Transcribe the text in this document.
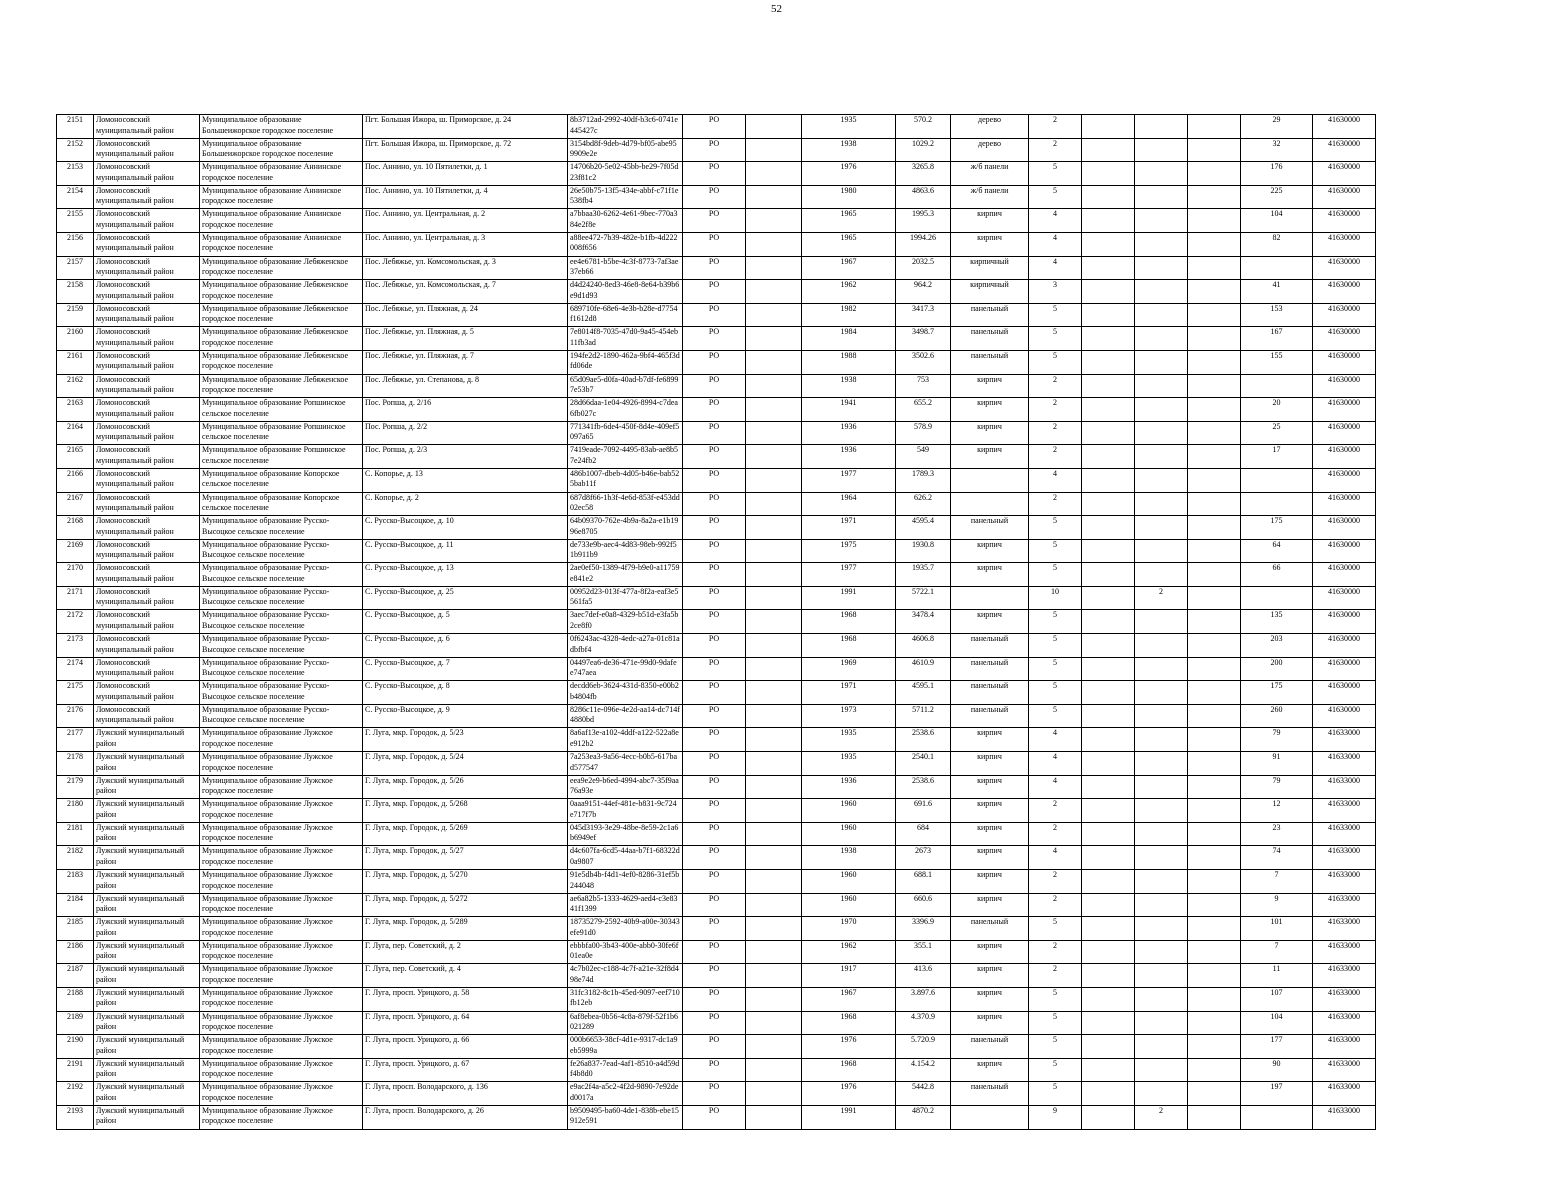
52
2151	Ломоносовский муниципальный район	Муниципальное образование Большеижорское городское поселение	Пгт. Большая Ижора, ш. Приморское, д. 24	8b3712ad-2992-40df-b3c6-0741e445427c	РО		1935	570.2	дерево	2				29	41630000
2152	Ломоносовский муниципальный район	Муниципальное образование Большеижорское городское поселение	Пгт. Большая Ижора, ш. Приморское, д. 72	3154bd8f-9deb-4d79-bf05-abe959909e2e	РО		1938	1029.2	дерево	2				32	41630000
2153	Ломоносовский муниципальный район	Муниципальное образование Аннинское городское поселение	Пос. Аннино, ул. 10 Пятилетки, д. 1	14706b20-5e02-45bb-be29-7f05d23f81c2	РО		1976	3265.8	ж/б панели	5				176	41630000
2154	Ломоносовский муниципальный район	Муниципальное образование Аннинское городское поселение	Пос. Аннино, ул. 10 Пятилетки, д. 4	26e50b75-13f5-434e-abbf-c71f1e538fb4	РО		1980	4863.6	ж/б панели	5				225	41630000
2155	Ломоносовский муниципальный район	Муниципальное образование Аннинское городское поселение	Пос. Аннино, ул. Центральная, д. 2	a7bbaa30-6262-4e61-9bec-770a384e2f8e	РО		1965	1995.3	кирпич	4				104	41630000
2156	Ломоносовский муниципальный район	Муниципальное образование Аннинское городское поселение	Пос. Аннино, ул. Центральная, д. 3	a88ee472-7b39-482e-b1fb-4d222008f656	РО		1965	1994.26	кирпич	4				82	41630000
2157	Ломоносовский муниципальный район	Муниципальное образование Лебяженское городское поселение	Пос. Лебяжье, ул. Комсомольская, д. 3	ee4e6781-b5be-4c3f-8773-7af3ae37eb66	РО		1967	2032.5	кирпичный	4					41630000
2158	Ломоносовский муниципальный район	Муниципальное образование Лебяженское городское поселение	Пос. Лебяжье, ул. Комсомольская, д. 7	d4d24240-8ed3-46e8-8e64-b39b6e9d1d93	РО		1962	964.2	кирпичный	3				41	41630000
2159	Ломоносовский муниципальный район	Муниципальное образование Лебяженское городское поселение	Пос. Лебяжье, ул. Пляжная, д. 24	689710fe-68e6-4e3b-b28e-d7754f1612d8	РО		1982	3417.3	панельный	5				153	41630000
2160	Ломоносовский муниципальный район	Муниципальное образование Лебяженское городское поселение	Пос. Лебяжье, ул. Пляжная, д. 5	7e8014f8-7035-47d0-9a45-454eb11fb3ad	РО		1984	3498.7	панельный	5				167	41630000
2161	Ломоносовский муниципальный район	Муниципальное образование Лебяженское городское поселение	Пос. Лебяжье, ул. Пляжная, д. 7	194fe2d2-1890-462a-9bf4-465f3dfd06de	РО		1988	3502.6	панельный	5				155	41630000
2162	Ломоносовский муниципальный район	Муниципальное образование Лебяженское городское поселение	Пос. Лебяжье, ул. Степанова, д. 8	65d09ae5-d0fa-40ad-b7df-fe68997e53b7	РО		1938	753	кирпич	2					41630000
2163	Ломоносовский муниципальный район	Муниципальное образование Ропшинское сельское поселение	Пос. Ропша, д. 2/16	28d66daa-1e04-4926-8994-c7dea6fb027c	РО		1941	655.2	кирпич	2				20	41630000
2164	Ломоносовский муниципальный район	Муниципальное образование Ропшинское сельское поселение	Пос. Ропша, д. 2/2	771341fb-6de4-450f-8d4e-409ef5097a65	РО		1936	578.9	кирпич	2				25	41630000
2165	Ломоносовский муниципальный район	Муниципальное образование Ропшинское сельское поселение	Пос. Ропша, д. 2/3	7419eade-7092-4495-83ab-ae8b57e24fb2	РО		1936	549	кирпич	2				17	41630000
2166	Ломоносовский муниципальный район	Муниципальное образование Копорское сельское поселение	С. Копорье, д. 13	486b1007-dbeb-4d05-b46e-bab525bab11f	РО		1977	1789.3		4					41630000
2167	Ломоносовский муниципальный район	Муниципальное образование Копорское сельское поселение	С. Копорье, д. 2	687d8f66-1b3f-4e6d-853f-e453dd02ec58	РО		1964	626.2		2					41630000
2168	Ломоносовский муниципальный район	Муниципальное образование Русско-Высоцкое сельское поселение	С. Русско-Высоцкое, д. 10	64b09370-762e-4b9a-8a2a-e1b1996e8705	РО		1971	4595.4	панельный	5				175	41630000
2169	Ломоносовский муниципальный район	Муниципальное образование Русско-Высоцкое сельское поселение	С. Русско-Высоцкое, д. 11	de733e9b-aec4-4d83-98eb-992f51b911b9	РО		1975	1930.8	кирпич	5				64	41630000
2170	Ломоносовский муниципальный район	Муниципальное образование Русско-Высоцкое сельское поселение	С. Русско-Высоцкое, д. 13	2ae0ef50-1389-4f79-b9e0-a11759e841e2	РО		1977	1935.7	кирпич	5				66	41630000
2171	Ломоносовский муниципальный район	Муниципальное образование Русско-Высоцкое сельское поселение	С. Русско-Высоцкое, д. 25	00952d23-013f-477a-8f2a-eaf3e5561fa5	РО		1991	5722.1		10		2			41630000
2172	Ломоносовский муниципальный район	Муниципальное образование Русско-Высоцкое сельское поселение	С. Русско-Высоцкое, д. 5	3aec7def-e0a8-4329-b51d-e3fa5b2ce8f0	РО		1968	3478.4	кирпич	5				135	41630000
2173	Ломоносовский муниципальный район	Муниципальное образование Русско-Высоцкое сельское поселение	С. Русско-Высоцкое, д. 6	0f6243ac-4328-4edc-a27a-01c81adbfbf4	РО		1968	4606.8	панельный	5				203	41630000
2174	Ломоносовский муниципальный район	Муниципальное образование Русско-Высоцкое сельское поселение	С. Русско-Высоцкое, д. 7	04497ea6-de36-471e-99d0-9dafee747aea	РО		1969	4610.9	панельный	5				200	41630000
2175	Ломоносовский муниципальный район	Муниципальное образование Русско-Высоцкое сельское поселение	С. Русско-Высоцкое, д. 8	decdd6eb-3624-431d-8350-e00b2b4804fb	РО		1971	4595.1	панельный	5				175	41630000
2176	Ломоносовский муниципальный район	Муниципальное образование Русско-Высоцкое сельское поселение	С. Русско-Высоцкое, д. 9	8286c11e-096e-4e2d-aa14-dc714f4880bd	РО		1973	5711.2	панельный	5				260	41630000
2177	Лужский муниципальный район	Муниципальное образование Лужское городское поселение	Г. Луга, мкр. Городок, д. 5/23	8a6af13e-a102-4ddf-a122-522a8ee912b2	РО		1935	2538.6	кирпич	4				79	41633000
2178	Лужский муниципальный район	Муниципальное образование Лужское городское поселение	Г. Луга, мкр. Городок, д. 5/24	7a253ea3-9a56-4ecc-b0b5-617bad577547	РО		1935	2540.1	кирпич	4				91	41633000
2179	Лужский муниципальный район	Муниципальное образование Лужское городское поселение	Г. Луга, мкр. Городок, д. 5/26	eea9e2e9-b6ed-4994-abc7-35f9aa76a93e	РО		1936	2538.6	кирпич	4				79	41633000
2180	Лужский муниципальный район	Муниципальное образование Лужское городское поселение	Г. Луга, мкр. Городок, д. 5/268	0aaa9151-44ef-481e-b831-9c724e717f7b	РО		1960	691.6	кирпич	2				12	41633000
2181	Лужский муниципальный район	Муниципальное образование Лужское городское поселение	Г. Луга, мкр. Городок, д. 5/269	045d3193-3e29-48be-8e59-2c1a6b6949ef	РО		1960	684	кирпич	2				23	41633000
2182	Лужский муниципальный район	Муниципальное образование Лужское городское поселение	Г. Луга, мкр. Городок, д. 5/27	d4c607fa-6cd5-44aa-b7f1-68322d0a9807	РО		1938	2673	кирпич	4				74	41633000
2183	Лужский муниципальный район	Муниципальное образование Лужское городское поселение	Г. Луга, мкр. Городок, д. 5/270	91e5db4b-f4d1-4ef0-8286-31ef5b244048	РО		1960	688.1	кирпич	2				7	41633000
2184	Лужский муниципальный район	Муниципальное образование Лужское городское поселение	Г. Луга, мкр. Городок, д. 5/272	ae6a82b5-1333-4629-aed4-c3e8341f1399	РО		1960	660.6	кирпич	2				9	41633000
2185	Лужский муниципальный район	Муниципальное образование Лужское городское поселение	Г. Луга, мкр. Городок, д. 5/289	18735279-2592-40b9-a00e-30343efe91d0	РО		1970	3396.9	панельный	5				101	41633000
2186	Лужский муниципальный район	Муниципальное образование Лужское городское поселение	Г. Луга, пер. Советский, д. 2	ebbbfa00-3b43-400e-abb0-30fe6f01ea0e	РО		1962	355.1	кирпич	2				7	41633000
2187	Лужский муниципальный район	Муниципальное образование Лужское городское поселение	Г. Луга, пер. Советский, д. 4	4c7b02ec-c188-4c7f-a21e-32f8d498e74d	РО		1917	413.6	кирпич	2				11	41633000
2188	Лужский муниципальный район	Муниципальное образование Лужское городское поселение	Г. Луга, просп. Урицкого, д. 58	31fc3182-8c1b-45ed-9097-eef710fb12eb	РО		1967	3.897.6	кирпич	5				107	41633000
2189	Лужский муниципальный район	Муниципальное образование Лужское городское поселение	Г. Луга, просп. Урицкого, д. 64	6af8ebea-0b56-4c8a-879f-52f1b6021289	РО		1968	4.370.9	кирпич	5				104	41633000
2190	Лужский муниципальный район	Муниципальное образование Лужское городское поселение	Г. Луга, просп. Урицкого, д. 66	000b6653-38cf-4d1e-9317-dc1a9eb5999a	РО		1976	5.720.9	панельный	5				177	41633000
2191	Лужский муниципальный район	Муниципальное образование Лужское городское поселение	Г. Луга, просп. Урицкого, д. 67	fe26a837-7ead-4af1-8510-a4d59df4b8d0	РО		1968	4.154.2	кирпич	5				90	41633000
2192	Лужский муниципальный район	Муниципальное образование Лужское городское поселение	Г. Луга, просп. Володарского, д. 136	e9ac2f4a-a5c2-4f2d-9890-7e92ded0017a	РО		1976	5442.8	панельный	5				197	41633000
2193	Лужский муниципальный район	Муниципальное образование Лужское городское поселение	Г. Луга, просп. Володарского, д. 26	b9509495-ba60-4de1-838b-ebe15912e591	РО		1991	4870.2		9		2			41633000
